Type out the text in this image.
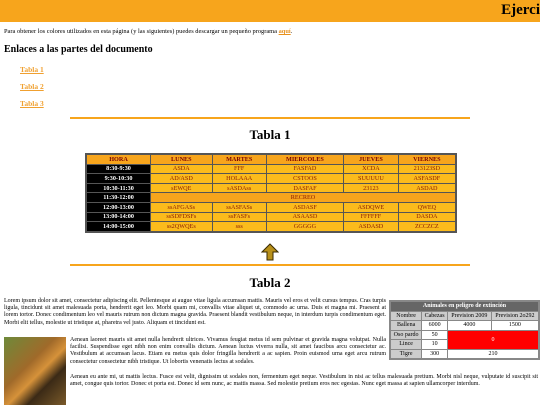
Ejerci
Para obtener los colores utilizados en esta página (y las siguientes) puedes descargar un pequeño programa aquí.
Enlaces a las partes del documento
Tabla 1
Tabla 2
Tabla 3
Tabla 1
HORA	LUNES	MARTES	MIERCOLES	JUEVES	VIERNES
8:30-9:30	ASDA	FFF	FASFAD	XCDA	213123SD
9:30-10:30	AD/ASD	HOLAAA	CSTOOS	SUUUUU	ASFASDF
10:30-11:30	sEWQE	sASDAss	DASFAF	23123	ASDAD
11:30-12:00	RECREO				
12:00-13:00	ssAFGASs	ssASFASs	ASDASF	ASDQWE	QWEQ
13:00-14:00	ssSDFDSFs	ssFASFs	ASAASD	FFFFFF	DASDA
14:00-15:00	ss2QWQEs	sss	GGGGG	ASDASD	ZCCZCZ
Tabla 2
Lorem ipsum dolor sit amet, consectetur adipiscing elit. Pellentesque at augue vitae ligula accumsan mattis. Mauris vel eros et velit cursus tempus. Cras turpis ligula, tincidunt sit amet malesuada porta, hendrerit eget leo. Morbi quam mi, convallis vitae aliquet ut, commodo ac urna. Duis et magna mi. Praesent at lorem tortor. Donec condimentum leo vel mauris rutrum non dictum magna gravida. Praesent blandit vestibulum neque, in interdum turpis condimentum eget. Morbi elit tellus, molestie ut tristique at, pharetra vel justo. Aliquam et tincidunt est.
Animales en peligro de extinción			
Nombre	Cabezas	Prevision 2009	Prevision 2o292
Ballena	6000	4000	1500
Oso pardo	50	0	
Lince	10		
Tigre	300	210	
Aenean laoreet mauris sit amet nulla hendrerit ultrices. Vivamus feugiat metus id sem pulvinar et gravida magna volutpat. Nulla facilisi. Suspendisse eget nibh non enim convallis dictum. Aenean luctus viverra nulla, sit amet faucibus arcu consectetur ac. Vestibulum at accumsan lacus. Etiam eu metus quis dolor fringilla hendrerit a ac sapien. Proin euismod urna eget arcu rutrum consectetur consectetur nibh tristique. Ut lobortis venenatis lectus at sodales.
Aenean eu ante mi, ut mattis lectus. Fusce est velit, dignissim ut sodales non, fermentum eget neque. Vestibulum in nisi ac tellus malesuada pretium. Morbi nisl neque, vulputate id suscipit sit amet, congue quis tortor. Donec et porta est. Donec id sem nunc, ac mattis massa. Sed molestie pretium eros nec egestas. Nunc eget massa at sapien ullamcorper interdum.
